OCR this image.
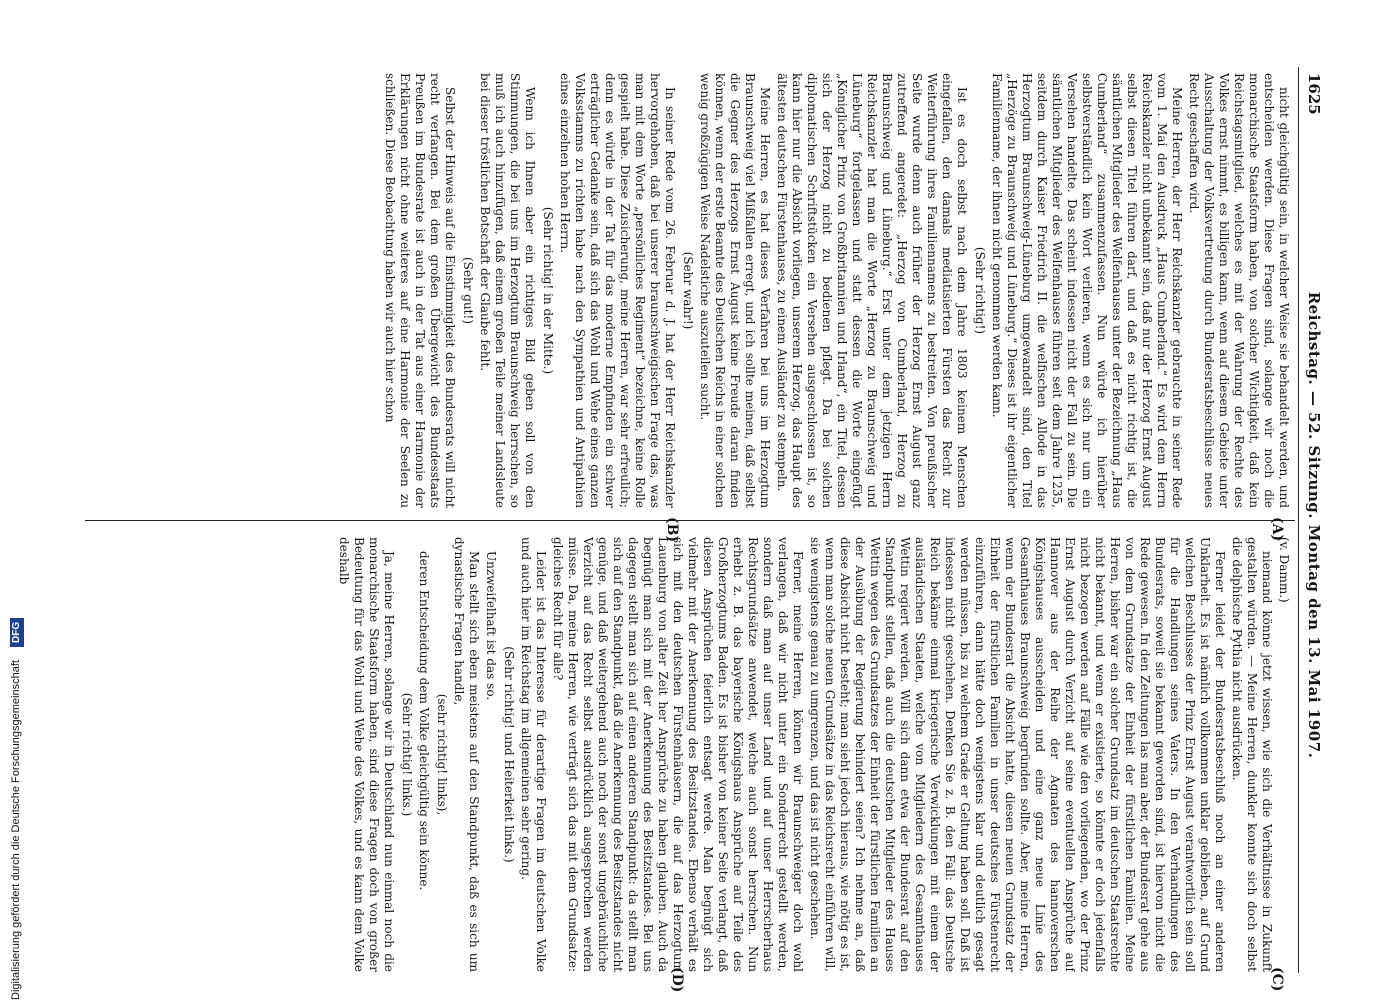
1625
Reichstag. — 52. Sitzung. Montag den 13. Mai 1907.
(C)
(D)
(A)
(B)

nicht gleichgültig sein, in welcher Weise sie behandelt werden, und entscheiden werden. Diese Fragen sind, solange wir noch die monarchische Staatsform haben, von solcher Wichtigkeit, daß kein Reichstagsmitglied, welches es mit der Wahrung der Rechte des Volkes ernst nimmt, es billigen kann, wenn auf diesem Gebiete unter Ausschaltung der Volksvertretung durch Bundesratsbeschlüsse neues Recht geschaffen wird.

Meine Herren, der Herr Reichskanzler gebrauchte in seiner Rede vom 1. Mai den Ausdruck „Haus Cumberland.“ Es wird dem Herrn Reichskanzler nicht unbekannt sein, daß nur der Herzog Ernst August selbst diesen Titel führen darf, und daß es nicht richtig ist, die sämtlichen Mitglieder des Welfenhauses unter der Bezeichnung „Haus Cumberland“ zusammenzufassen. Nun würde ich hierüber selbstverständlich kein Wort verlieren, wenn es sich nur um ein Versehen handelte. Das scheint indessen nicht der Fall zu sein. Die sämtlichen Mitglieder des Welfenhauses führen seit dem Jahre 1235, seitdem durch Kaiser Friedrich II. die welfischen Allode in das Herzogtum Braunschweig-Lüneburg umgewandelt sind, den Titel „Herzöge zu Braunschweig und Lüneburg.“ Dieses ist ihr eigentlicher Familienname, der ihnen nicht genommen werden kann.

(Sehr richtig!)

Ist es doch selbst nach dem Jahre 1803 keinem Menschen eingefallen, den damals mediatisierten Fürsten das Recht zur Weiterführung ihres Familiennamens zu bestreiten. Von preußischer Seite wurde denn auch früher der Herzog Ernst August ganz zutreffend angeredet: „Herzog von Cumberland, Herzog zu Braunschweig und Lüneburg.“ Erst unter dem jetzigen Herrn Reichskanzler hat man die Worte „Herzog zu Braunschweig und Lüneburg“ fortgelassen und statt dessen die Worte eingefügt „Königlicher Prinz von Großbritannien und Irland“, ein Titel, dessen sich der Herzog nicht zu bedienen pflegt. Da bei solchen diplomatischen Schriftstücken ein Versehen ausgeschlossen ist, so kann hier nur die Absicht vorliegen, unserem Herzog, das Haupt des ältesten deutschen Fürstenhauses, zu einem Ausländer zu stempeln.

Meine Herren, es hat dieses Verfahren bei uns im Herzogtum Braunschweig viel Mißfallen erregt, und ich sollte meinen, daß selbst die Gegner des Herzogs Ernst August keine Freude daran finden können, wenn der erste Beamte des Deutschen Reichs in einer solchen wenig großzügigen Weise Nadelstiche auszuteilen sucht.

(Sehr wahr!)

In seiner Rede vom 26. Februar d. J. hat der Herr Reichskanzler hervorgehoben, daß bei unserer braunschweigischen Frage das, was man mit dem Worte „persönliches Regiment“ bezeichne, keine Rolle gespielt habe. Diese Zusicherung, meine Herren, war sehr erfreulich; denn es würde in der Tat für das moderne Empfinden ein schwer erträglicher Gedanke sein, daß sich das Wohl und Wehe eines ganzen Volksstamms zu richten habe nach den Sympathien und Antipathien eines einzelnen hohen Herrn.

(Sehr richtig! in der Mitte.)

Wenn ich Ihnen aber ein richtiges Bild geben soll von den Stimmungen, die bei uns im Herzogtum Braunschweig herrschen, so muß ich auch hinzufügen, daß einem großen Teile meiner Landsleute bei dieser tröstlichen Botschaft der Glaube fehlt.

(Sehr gut!)

Selbst der Hinweis auf die Einstimmigkeit des Bundesrats will nicht recht verfangen. Bei dem großen Übergewicht des Bundesstaats Preußen im Bundesrate ist auch in der Tat aus einer Harmonie der Erklärungen nicht ohne weiteres auf eine Harmonie der Seelen zu schließen. Diese Beobachtung haben wir auch hier schon

(v. Damm.)

niemand könne jetzt wissen, wie sich die Verhältnisse in Zukunft gestalten würden. — Meine Herren, dunkler konnte sich doch selbst die delphische Pythia nicht ausdrücken.

Ferner leidet der Bundesratsbeschluß noch an einer anderen Unklarheit. Es ist nämlich vollkommen unklar geblieben, auf Grund welchen Beschlusses der Prinz Ernst August verantwortlich sein soll für die Handlungen seines Vaters. In den Verhandlungen des Bundesrats, soweit sie bekannt geworden sind, ist hiervon nicht die Rede gewesen. In den Zeitungen las man aber, der Bundesrat gehe aus von dem Grundsatze der Einheit der fürstlichen Familien. Meine Herren, bisher war ein solcher Grundsatz im deutschen Staatsrechte nicht bekannt, und wenn er existierte, so könnte er doch jedenfalls nicht bezogen werden auf Fälle wie den vorliegenden, wo der Prinz Ernst August durch Verzicht auf seine eventuellen Ansprüche auf Hannover aus der Reihe der Agnaten des hannoverschen Königshauses ausscheiden und eine ganz neue Linie des Gesamthauses Braunschweig begründen sollte. Aber, meine Herren, wenn der Bundesrat die Absicht hatte, diesen neuen Grundsatz der Einheit der fürstlichen Familien in unser deutsches Fürstenrecht einzuführen, dann hätte doch wenigstens klar und deutlich gesagt werden müssen, bis zu welchem Grade er Geltung haben soll. Daß ist indessen nicht geschehen. Denken Sie z. B. den Fall: das Deutsche Reich bekäme einmal kriegerische Verwicklungen mit einem der ausländischen Staaten, welche von Mitgliedern des Gesamthauses Wettin regiert werden. Will sich dann etwa der Bundesrat auf den Standpunkt stellen, daß auch die deutschen Mitglieder des Hauses Wettin wegen des Grundsatzes der Einheit der fürstlichen Familien an der Ausübung der Regierung behindert seien? Ich nehme an, daß diese Absicht nicht besteht; man sieht jedoch hieraus, wie nötig es ist, wenn man solche neuen Grundsätze in das Reichsrecht einführen will, sie wenigstens genau zu umgrenzen, und das ist nicht geschehen.

Ferner, meine Herren, können wir Braunschweiger doch wohl verlangen, daß wir nicht unter ein Sonderrecht gestellt werden, sondern daß man auf unser Land und auf unser Herrscherhaus Rechtsgrundsätze anwendet, welche auch sonst herrschen. Nun erhebt z. B. das bayerische Königshaus Ansprüche auf Teile des Großherzogtums Baden. Es ist bisher von keiner Seite verlangt, daß diesen Ansprüchen feierlich entsagt werde. Man begnügt sich vielmehr mit der Anerkennung des Besitzstandes. Ebenso verhält es sich mit den deutschen Fürstenhäusern, die auf das Herzogtum Lauenburg von alter Zeit her Ansprüche zu haben glauben. Auch da begnügt man sich mit der Anerkennung des Besitzstandes. Bei uns dagegen stellt man sich auf einen anderen Standpunkt: da stellt man sich auf den Standpunkt, daß die Anerkennung des Besitzstandes nicht genüge, und daß weitergehend auch noch der sonst ungebräuchliche Verzicht auf das Recht selbst ausdrücklich ausgesprochen werden müsse. Da, meine Herren, wie verträgt sich das mit dem Grundsatze: gleiches Recht für alle?

Leider ist das Interesse für derartige Fragen im deutschen Volke und auch hier im Reichstag im allgemeinen sehr gering.

(Sehr richtig! und Heiterkeit links.)

Unzweifelhaft ist das so.

Man stellt sich eben meistens auf den Standpunkt, daß es sich um dynastische Fragen handle,

(sehr richtig! links),

deren Entscheidung dem Volke gleichgültig sein könne.

(Sehr richtig! links.)

Ja, meine Herren, solange wir in Deutschland nun einmal noch die monarchische Staatsform haben, sind diese Fragen doch von großer Bedeutung für das Wohl und Wehe des Volkes, und es kann dem Volke deshalb

Digitalisierung gefördert durch die Deutsche Forschungsgemeinschaft DFG
